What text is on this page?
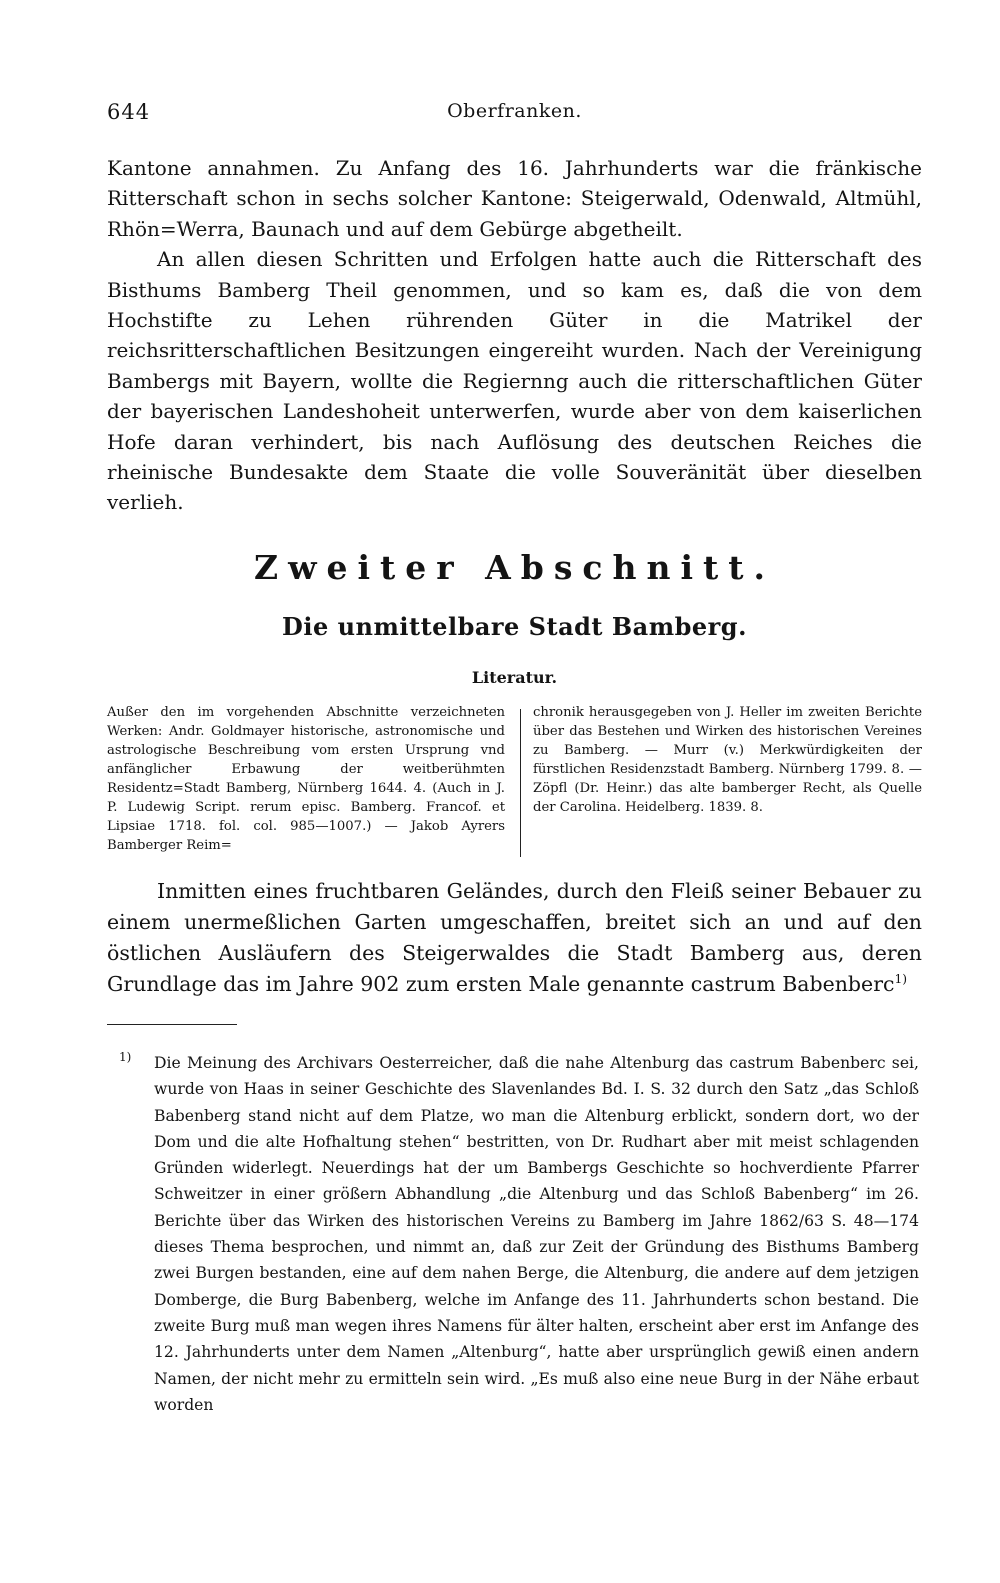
644	Oberfranken.

Kantone annahmen. Zu Anfang des 16. Jahrhunderts war die fränkische Ritterschaft schon in sechs solcher Kantone: Steigerwald, Odenwald, Altmühl, Rhön=Werra, Baunach und auf dem Gebürge abgetheilt.

An allen diesen Schritten und Erfolgen hatte auch die Ritterschaft des Bisthums Bamberg Theil genommen, und so kam es, daß die von dem Hochstifte zu Lehen rührenden Güter in die Matrikel der reichsritterschaftlichen Besitzungen eingereiht wurden. Nach der Vereinigung Bambergs mit Bayern, wollte die Regiernng auch die ritterschaftlichen Güter der bayerischen Landeshoheit unterwerfen, wurde aber von dem kaiserlichen Hofe daran verhindert, bis nach Auflösung des deutschen Reiches die rheinische Bundesakte dem Staate die volle Souveränität über dieselben verlieh.

Zweiter Abschnitt.
Die unmittelbare Stadt Bamberg.
Literatur.
Außer den im vorgehenden Abschnitte verzeichneten Werken: Andr. Goldmayer historische, astronomische und astrologische Beschreibung vom ersten Ursprung vnd anfänglicher Erbawung der weitberühmten Residentz=Stadt Bamberg, Nürnberg 1644. 4. (Auch in J. P. Ludewig Script. rerum episc. Bamberg. Francof. et Lipsiae 1718. fol. col. 985—1007.) — Jakob Ayrers Bamberger Reim=
chronik herausgegeben von J. Heller im zweiten Berichte über das Bestehen und Wirken des historischen Vereines zu Bamberg. — Murr (v.) Merkwürdigkeiten der fürstlichen Residenzstadt Bamberg. Nürnberg 1799. 8. — Zöpfl (Dr. Heinr.) das alte bamberger Recht, als Quelle der Carolina. Heidelberg. 1839. 8.

Inmitten eines fruchtbaren Geländes, durch den Fleiß seiner Bebauer zu einem unermeßlichen Garten umgeschaffen, breitet sich an und auf den östlichen Ausläufern des Steigerwaldes die Stadt Bamberg aus, deren Grundlage das im Jahre 902 zum ersten Male genannte castrum Babenberc$^{1)}$

1)	Die Meinung des Archivars Oesterreicher, daß die nahe Altenburg das castrum Babenberc sei, wurde von Haas in seiner Geschichte des Slavenlandes Bd. I. S. 32 durch den Satz „das Schloß Babenberg stand nicht auf dem Platze, wo man die Altenburg erblickt, sondern dort, wo der Dom und die alte Hofhaltung stehen“ bestritten, von Dr. Rudhart aber mit meist schlagenden Gründen widerlegt. Neuerdings hat der um Bambergs Geschichte so hochverdiente Pfarrer Schweitzer in einer größern Abhandlung „die Altenburg und das Schloß Babenberg“ im 26. Berichte über das Wirken des historischen Vereins zu Bamberg im Jahre 1862/63 S. 48—174 dieses Thema besprochen, und nimmt an, daß zur Zeit der Gründung des Bisthums Bamberg zwei Burgen bestanden, eine auf dem nahen Berge, die Altenburg, die andere auf dem jetzigen Domberge, die Burg Babenberg, welche im Anfange des 11. Jahrhunderts schon bestand. Die zweite Burg muß man wegen ihres Namens für älter halten, erscheint aber erst im Anfange des 12. Jahrhunderts unter dem Namen „Altenburg“, hatte aber ursprünglich gewiß einen andern Namen, der nicht mehr zu ermitteln sein wird. „Es muß also eine neue Burg in der Nähe erbaut worden
